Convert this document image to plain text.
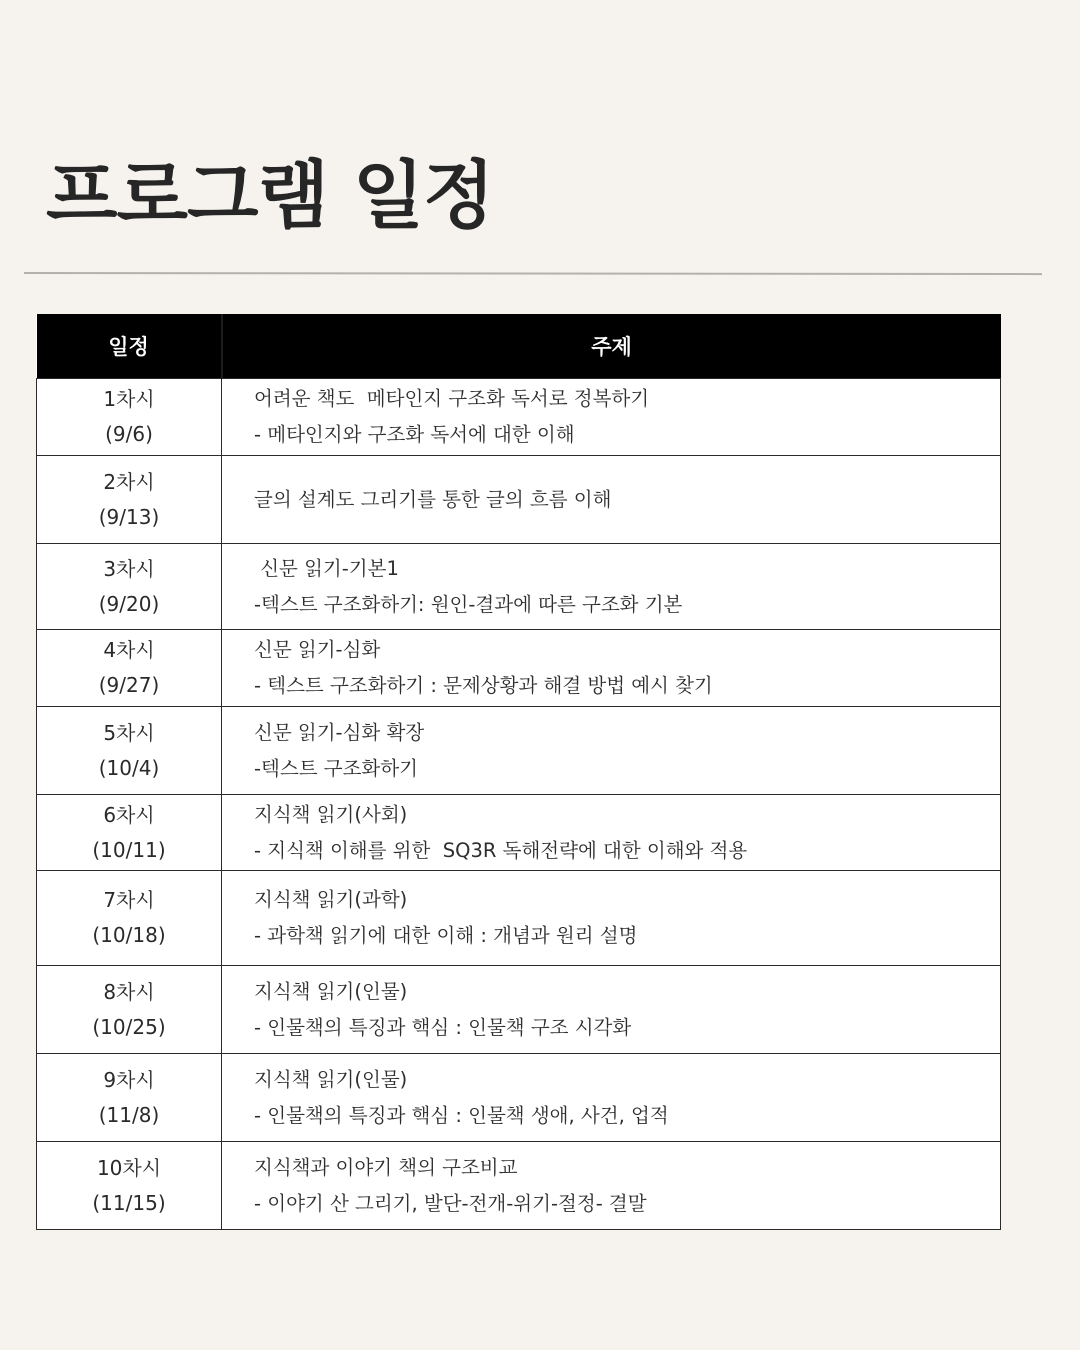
프로그램 일정
일정	주제

1차시
(9/6)	어려운 책도  메타인지 구조화 독서로 정복하기
- 메타인지와 구조화 독서에 대한 이해

2차시
(9/13)	글의 설계도 그리기를 통한 글의 흐름 이해

3차시
(9/20)	신문 읽기-기본1
-텍스트 구조화하기: 원인-결과에 따른 구조화 기본

4차시
(9/27)	신문 읽기-심화
- 텍스트 구조화하기 : 문제상황과 해결 방법 예시 찾기

5차시
(10/4)	신문 읽기-심화 확장
-텍스트 구조화하기

6차시
(10/11)	지식책 읽기(사회)
- 지식책 이해를 위한  SQ3R 독해전략에 대한 이해와 적용

7차시
(10/18)	지식책 읽기(과학)
- 과학책 읽기에 대한 이해 : 개념과 원리 설명

8차시
(10/25)	지식책 읽기(인물)
- 인물책의 특징과 핵심 : 인물책 구조 시각화

9차시
(11/8)	지식책 읽기(인물)
- 인물책의 특징과 핵심 : 인물책 생애, 사건, 업적

10차시
(11/15)	지식책과 이야기 책의 구조비교
- 이야기 산 그리기, 발단-전개-위기-절정- 결말
